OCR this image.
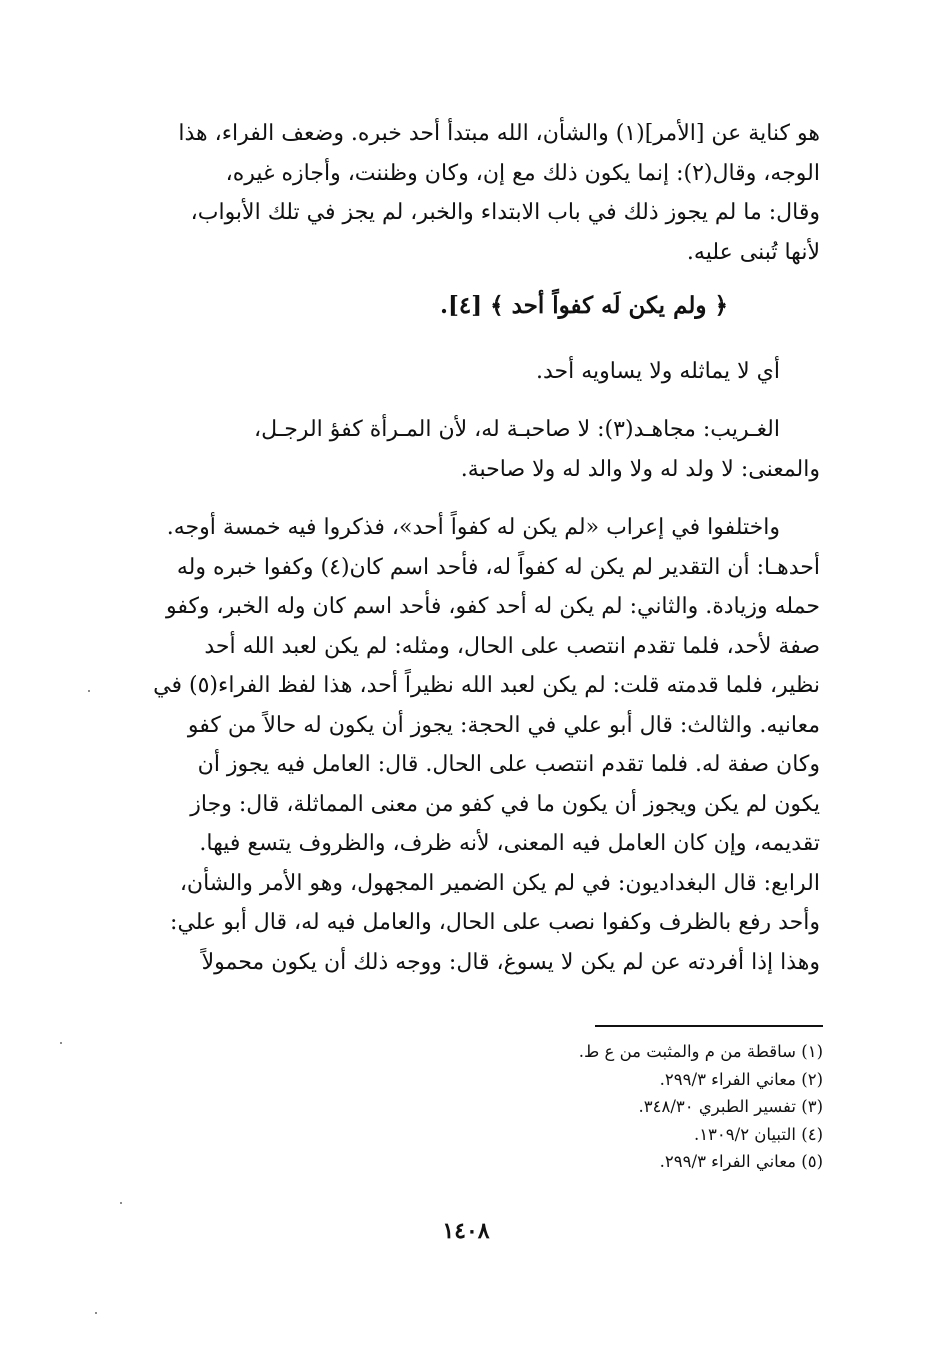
هو كناية عن [الأمر](١) والشأن، الله مبتدأ أحد خبره. وضعف الفراء، هذا
الوجه، وقال(٢): إنما يكون ذلك مع إن، وكان وظننت، وأجازه غيره،
وقال: ما لم يجوز ذلك في باب الابتداء والخبر، لم يجز في تلك الأبواب،
لأنها تُبنى عليه.
﴿ ولم يكن لَه كفواً أحد ﴾ [٤].
أي لا يماثله ولا يساويه أحد.
الغـريب: مجاهـد(٣): لا صاحبـة له، لأن المـرأة كفؤ الرجـل،
والمعنى: لا ولد له ولا والد له ولا صاحبة.
واختلفوا في إعراب «لم يكن له كفواً أحد»، فذكروا فيه خمسة أوجه.
أحدهـا: أن التقدير لم يكن له كفواً له، فأحد اسم كان(٤) وكفوا خبره وله
حمله وزيادة. والثاني: لم يكن له أحد كفو، فأحد اسم كان وله الخبر، وكفو
صفة لأحد، فلما تقدم انتصب على الحال، ومثله: لم يكن لعبد الله أحد
نظير، فلما قدمته قلت: لم يكن لعبد الله نظيراً أحد، هذا لفظ الفراء(٥) في
معانيه. والثالث: قال أبو علي في الحجة: يجوز أن يكون له حالاً من كفو
وكان صفة له. فلما تقدم انتصب على الحال. قال: العامل فيه يجوز أن
يكون لم يكن ويجوز أن يكون ما في كفو من معنى المماثلة، قال: وجاز
تقديمه، وإن كان العامل فيه المعنى، لأنه ظرف، والظروف يتسع فيها.
الرابع: قال البغداديون: في لم يكن الضمير المجهول، وهو الأمر والشأن،
وأحد رفع بالظرف وكفوا نصب على الحال، والعامل فيه له، قال أبو علي:
وهذا إذا أفردته عن لم يكن لا يسوغ، قال: ووجه ذلك أن يكون محمولاً
(١) ساقطة من م والمثبت من ع ط.
(٢) معاني الفراء ٢٩٩/٣.
(٣) تفسير الطبري ٣٤٨/٣٠.
(٤) التبيان ١٣٠٩/٢.
(٥) معاني الفراء ٢٩٩/٣.
١٤٠٨
